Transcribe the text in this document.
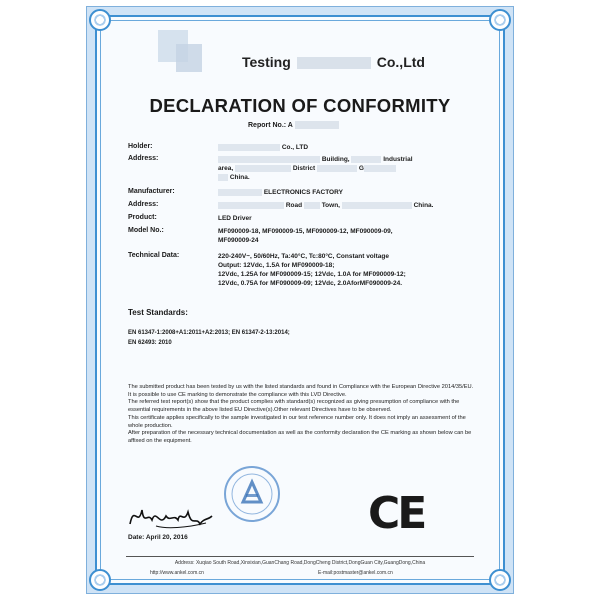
Testing	Co.,Ltd
DECLARATION OF CONFORMITY
Report No.: A
Holder:	Co., LTD
Address:	Building,	Industrial
area,	District	G
China.
Manufacturer:	ELECTRONICS FACTORY
Address:	Road	Town,	China.
Product:	LED Driver
Model No.:	MF090009-18, MF090009-15, MF090009-12, MF090009-09,
MF090009-24
Technical Data:	220-240V~, 50/60Hz, Ta:40°C, Tc:80°C, Constant voltage
Output: 12Vdc, 1.5A for MF090009-18;
12Vdc, 1.25A for MF090009-15; 12Vdc, 1.0A for MF090009-12;
12Vdc, 0.75A for MF090009-09; 12Vdc, 2.0AforMF090009-24.
Test Standards:
EN 61347-1:2008+A1:2011+A2:2013; EN 61347-2-13:2014;
EN 62493: 2010

The submitted product has been tested by us with the listed standards and found in Compliance with the European Directive 2014/35/EU. It is possible to use CE marking to demonstrate the compliance with this LVD Directive.

The referred test report(s) show that the product complies with standard(s) recognized as giving presumption of compliance with the essential requirements in the above listed EU Directive(s).Other relevant Directives have to be observed.

This certificate applies specifically to the sample investigated in our test reference number only. It does not imply an assessment of the whole production.

After preparation of the necessary technical documentation as well as the conformity declaration the CE marking as shown below can be affixed on the equipment.

Date: April 20, 2016	CE
Address: Xuqiao South Road,Xinxixian,GuanChang Road,DongCheng District,DongGuan City,GuangDong,China
http://www.ankel.com.cn	E-mail:postmaster@ankel.com.cn
